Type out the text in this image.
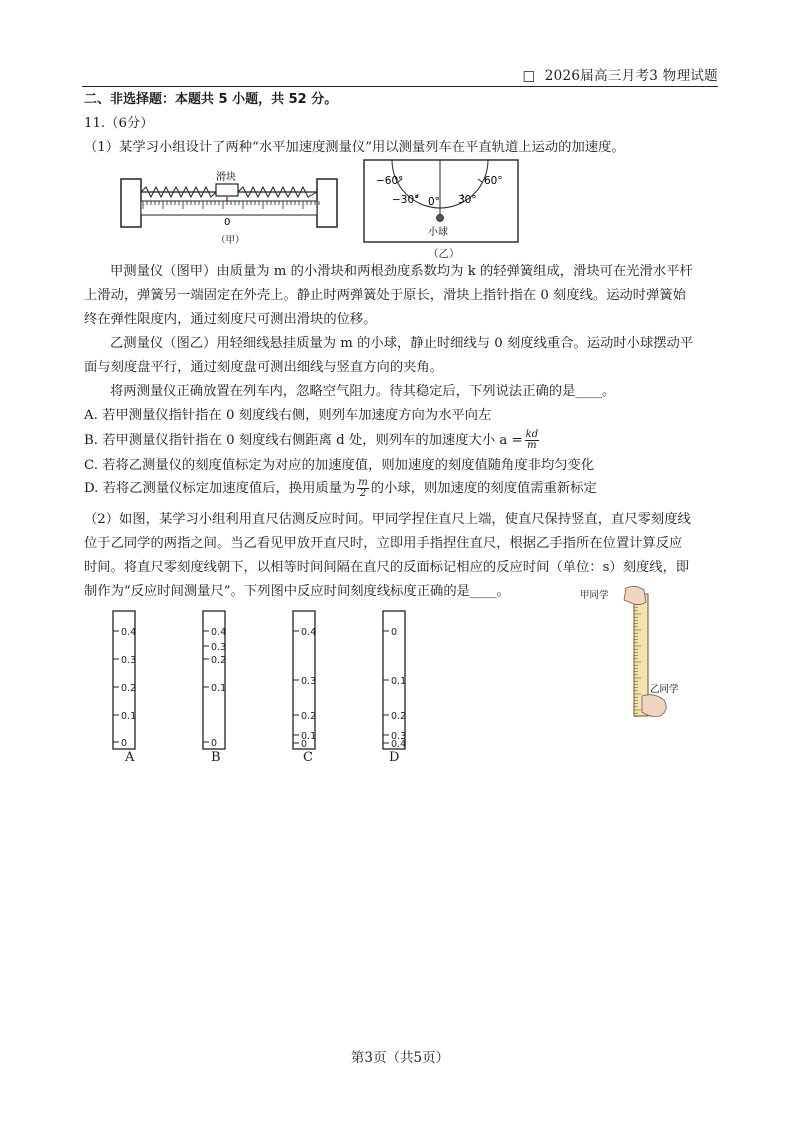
□ 2026届高三月考3 物理试题
二、非选择题：本题共 5 小题，共 52 分。
11.（6分）
（1）某学习小组设计了两种“水平加速度测量仪”用以测量列车在平直轨道上运动的加速度。
滑块
0
（甲）
−60°	60°
−30° 0° 30°
小球
（乙）
甲测量仪（图甲）由质量为 m 的小滑块和两根劲度系数均为 k 的轻弹簧组成，滑块可在光滑水平杆
上滑动，弹簧另一端固定在外壳上。静止时两弹簧处于原长，滑块上指针指在 0 刻度线。运动时弹簧始
终在弹性限度内，通过刻度尺可测出滑块的位移。
乙测量仪（图乙）用轻细线悬挂质量为 m 的小球，静止时细线与 0 刻度线重合。运动时小球摆动平
面与刻度盘平行，通过刻度盘可测出细线与竖直方向的夹角。
将两测量仪正确放置在列车内，忽略空气阻力。待其稳定后，下列说法正确的是____。
A. 若甲测量仪指针指在 0 刻度线右侧，则列车加速度方向为水平向左
B. 若甲测量仪指针指在 0 刻度线右侧距离 d 处，则列车的加速度大小 $a = \frac{kd}{m}$
C. 若将乙测量仪的刻度值标定为对应的加速度值，则加速度的刻度值随角度非均匀变化
D. 若将乙测量仪标定加速度值后，换用质量为 $\frac{m}{2}$ 的小球，则加速度的刻度值需重新标定
（2）如图，某学习小组利用直尺估测反应时间。甲同学捏住直尺上端，使直尺保持竖直，直尺零刻度线
位于乙同学的两指之间。当乙看见甲放开直尺时，立即用手指捏住直尺，根据乙手指所在位置计算反应
时间。将直尺零刻度线朝下，以相等时间间隔在直尺的反面标记相应的反应时间（单位：s）刻度线，即
制作为“反应时间测量尺”。下列图中反应时间刻度线标度正确的是____。
0.4
0.3
0.2
0.1
0
0.4
0.3
0.2
0.1
0
0.4
0.3
0.2
0.1
0
0
0.1
0.2
0.3
0.4
A	B	C	D
甲同学
乙同学
第3页（共5页）
